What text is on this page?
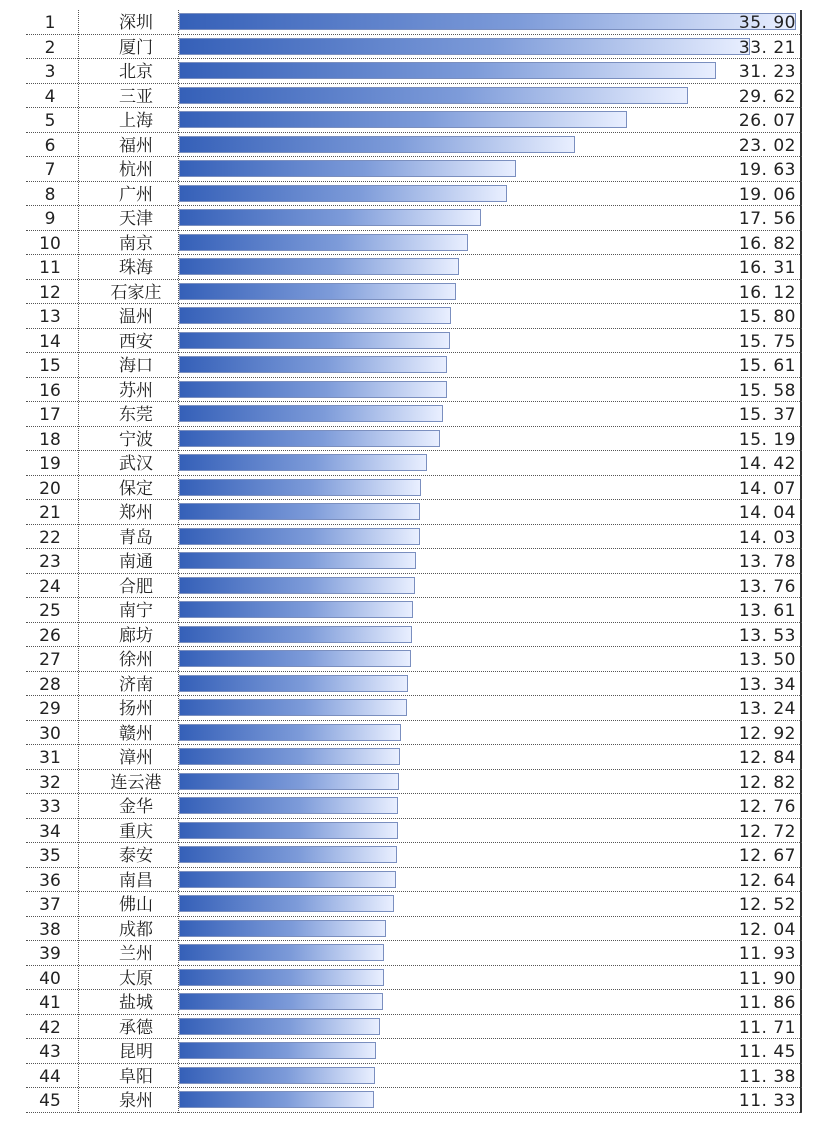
1	深圳	35. 90
2	厦门	33. 21
3	北京	31. 23
4	三亚	29. 62
5	上海	26. 07
6	福州	23. 02
7	杭州	19. 63
8	广州	19. 06
9	天津	17. 56
10	南京	16. 82
11	珠海	16. 31
12	石家庄	16. 12
13	温州	15. 80
14	西安	15. 75
15	海口	15. 61
16	苏州	15. 58
17	东莞	15. 37
18	宁波	15. 19
19	武汉	14. 42
20	保定	14. 07
21	郑州	14. 04
22	青岛	14. 03
23	南通	13. 78
24	合肥	13. 76
25	南宁	13. 61
26	廊坊	13. 53
27	徐州	13. 50
28	济南	13. 34
29	扬州	13. 24
30	赣州	12. 92
31	漳州	12. 84
32	连云港	12. 82
33	金华	12. 76
34	重庆	12. 72
35	泰安	12. 67
36	南昌	12. 64
37	佛山	12. 52
38	成都	12. 04
39	兰州	11. 93
40	太原	11. 90
41	盐城	11. 86
42	承德	11. 71
43	昆明	11. 45
44	阜阳	11. 38
45	泉州	11. 33
